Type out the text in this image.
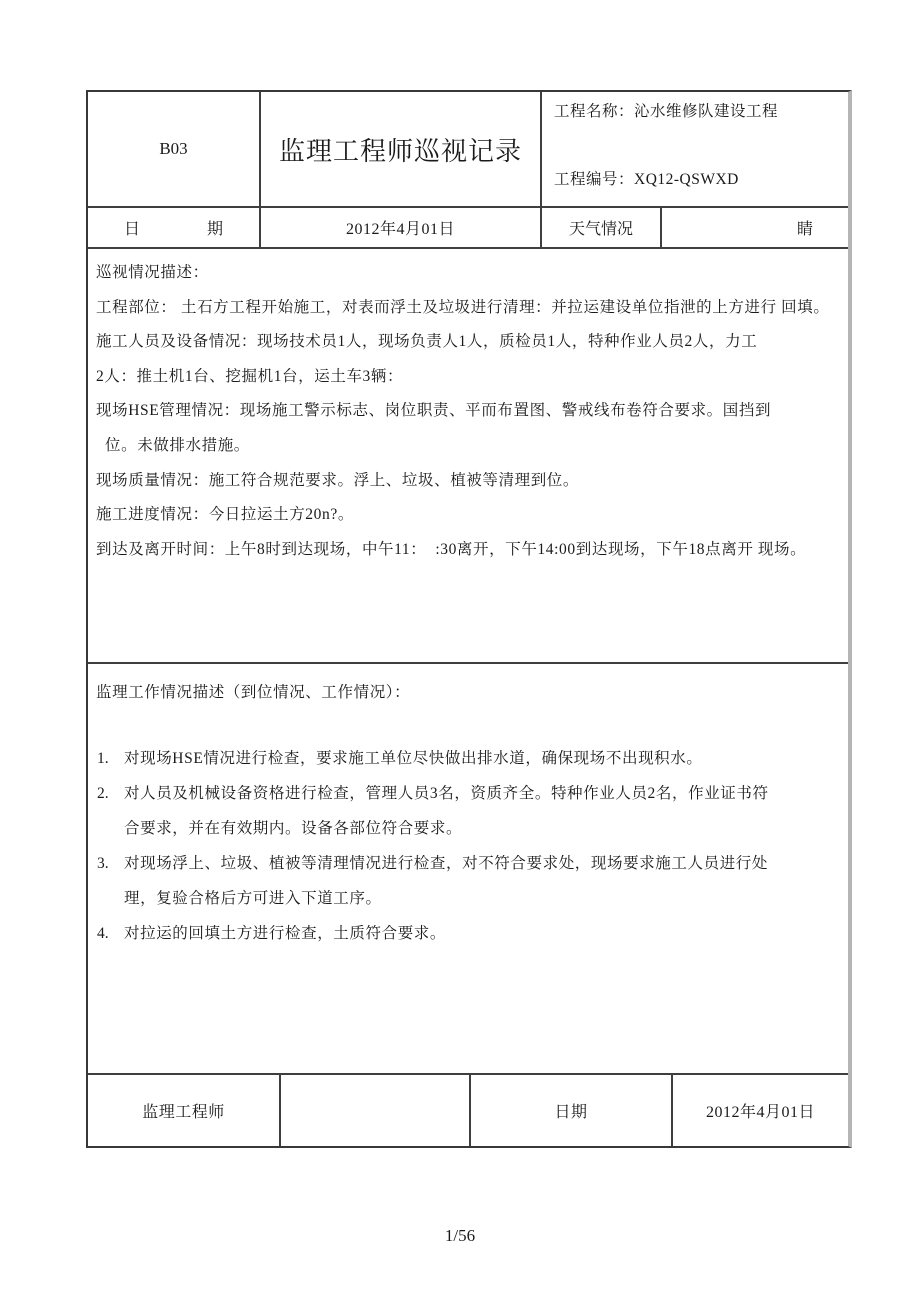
B03	监理工程师巡视记录
工程名称：沁水维修队建设工程
工程编号：XQ12-QSWXD
日	期	2012年4月01日	天气情况	睛
巡视情况描述：
工程部位： 土石方工程开始施工，对表而浮土及垃圾进行清理：并拉运建设单位指泄的上方进行 回填。
施工人员及设备情况：现场技术员1人，现场负责人1人，质检员1人，特种作业人员2人，力工
2人：推土机1台、挖掘机1台，运土车3辆：
现场HSE管理情况：现场施工警示标志、岗位职责、平而布置图、警戒线布卷符合要求。国挡到
位。未做排水措施。
现场质量情况：施工符合规范要求。浮上、垃圾、植被等清理到位。
施工进度情况：今日拉运土方20n?。
到达及离开时间：上午8时到达现场，中午11：  :30离开，下午14:00到达现场，下午18点离开 现场。
监理工作情况描述（到位情况、工作情况）：
1. 对现场HSE情况进行检查，要求施工单位尽快做出排水道，确保现场不出现积水。
2. 对人员及机械设备资格进行检查，管理人员3名，资质齐全。特种作业人员2名，作业证书符
合要求，并在有效期内。设备各部位符合要求。
3. 对现场浮上、垃圾、植被等清理情况进行检查，对不符合要求处，现场要求施工人员进行处
理，复验合格后方可进入下道工序。
4. 对拉运的回填土方进行检查，土质符合要求。
监理工程师	日期	2012年4月01日
1/56
